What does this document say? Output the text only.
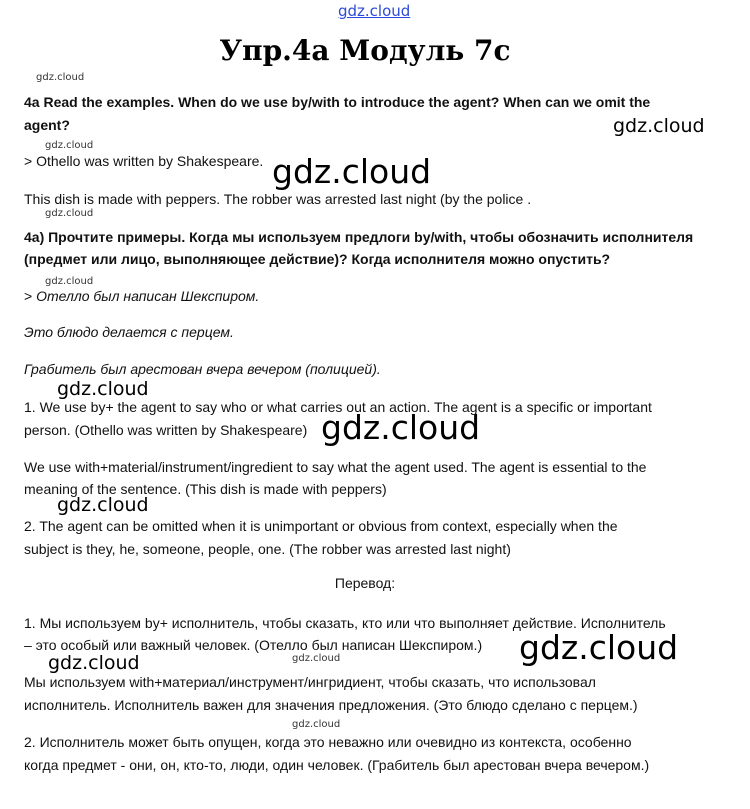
gdz.cloud
gdz.cloud
gdz.cloud
gdz.cloud
gdz.cloud
gdz.cloud
gdz.cloud
gdz.cloud
gdz.cloud
gdz.cloud
gdz.cloud
gdz.cloud	gdz.cloud
gdz.cloud
Упр.4а Модуль 7с
4a Read the examples. When do we use by/with to introduce the agent? When can we omit the
agent?
> Othello was written by Shakespeare.
This dish is made with peppers. The robber was arrested last night (by the police .
4а) Прочтите примеры. Когда мы используем предлоги by/with, чтобы обозначить исполнителя
(предмет или лицо, выполняющее действие)? Когда исполнителя можно опустить?
> Отелло был написан Шекспиром.
Это блюдо делается с перцем.
Грабитель был арестован вчера вечером (полицией).
1. We use by+ the agent to say who or what carries out an action. The agent is a specific or important
person. (Othello was written by Shakespeare)
We use with+material/instrument/ingredient to say what the agent used. The agent is essential to the
meaning of the sentence. (This dish is made with peppers)
2. The agent can be omitted when it is unimportant or obvious from context, especially when the
subject is they, he, someone, people, one. (The robber was arrested last night)
Перевод:
1. Мы используем by+ исполнитель, чтобы сказать, кто или что выполняет действие. Исполнитель
– это особый или важный человек. (Отелло был написан Шекспиром.)
Мы используем with+материал/инструмент/ингридиент, чтобы сказать, что использовал
исполнитель. Исполнитель важен для значения предложения. (Это блюдо сделано с перцем.)
2. Исполнитель может быть опущен, когда это неважно или очевидно из контекста, особенно
когда предмет - они, он, кто-то, люди, один человек. (Грабитель был арестован вчера вечером.)
